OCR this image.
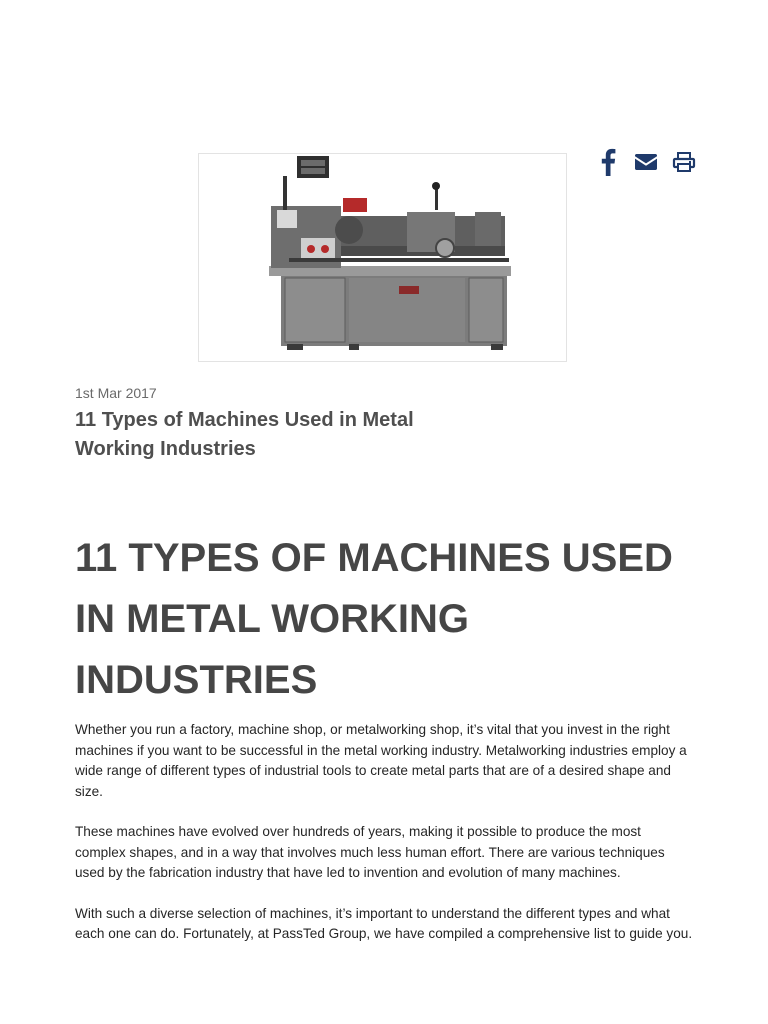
1st Mar 2017
11 Types of Machines Used in Metal Working Industries
11 TYPES OF MACHINES USED IN METAL WORKING INDUSTRIES

Whether you run a factory, machine shop, or metalworking shop, it’s vital that you invest in the right machines if you want to be successful in the metal working industry. Metalworking industries employ a wide range of different types of industrial tools to create metal parts that are of a desired shape and size.

These machines have evolved over hundreds of years, making it possible to produce the most complex shapes, and in a way that involves much less human effort. There are various techniques used by the fabrication industry that have led to invention and evolution of many machines.

With such a diverse selection of machines, it’s important to understand the different types and what each one can do. Fortunately, at PassTed Group, we have compiled a comprehensive list to guide you.
